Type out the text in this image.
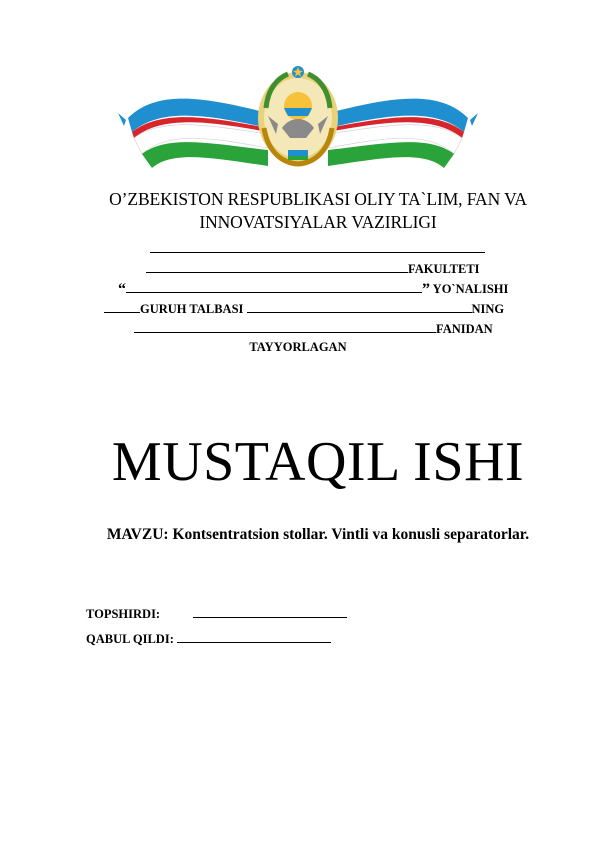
O’ZBEKISTON RESPUBLIKASI OLIY TA`LIM, FAN VA
INNOVATSIYALAR VAZIRLIGI
FAKULTETI
“	” YO`NALISHI
GURUH TALBASI	NING
FANIDAN
TAYYORLAGAN
MUSTAQIL ISHI
MAVZU: Kontsentratsion stollar. Vintli va konusli separatorlar.
TOPSHIRDI:
QABUL QILDI:
